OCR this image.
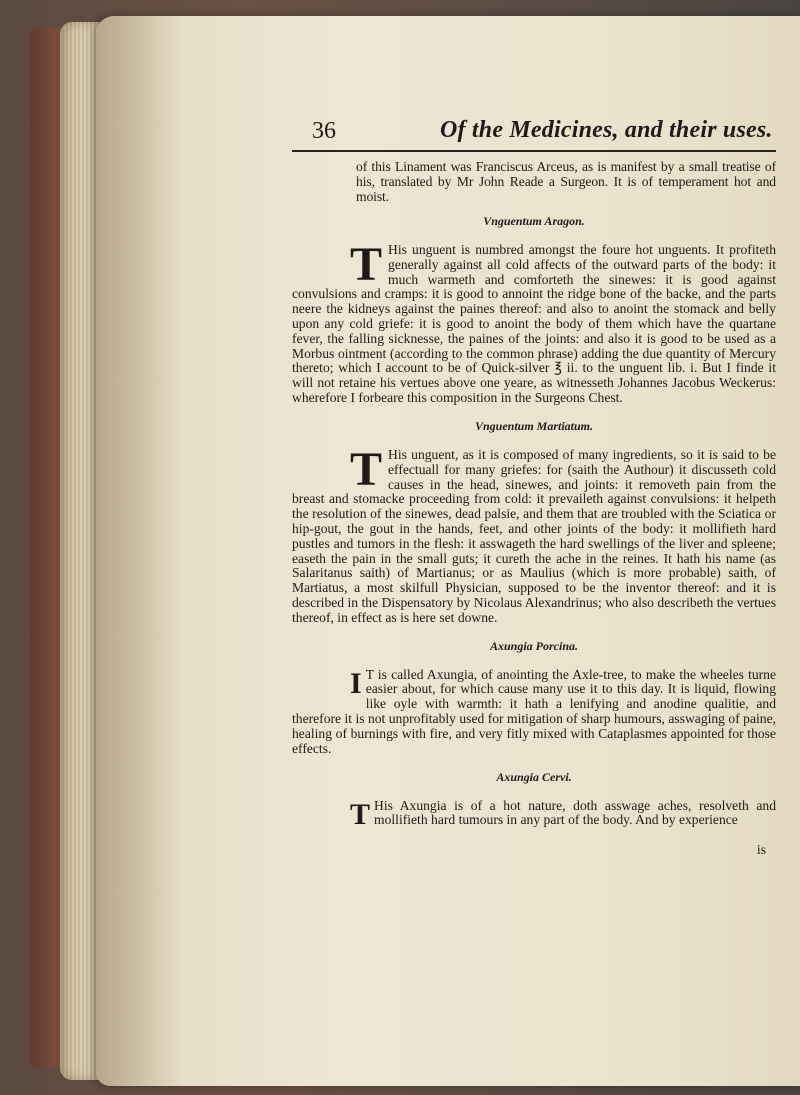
36	Of the Medicines, and their uses.

of this Linament was Franciscus Arceus, as is manifest by a small treatise of his, translated by Mr John Reade a Surgeon. It is of temperament hot and moist.

Vnguentum Aragon.
T His unguent is numbred amongst the foure hot unguents. It profiteth generally against all cold affects of the outward parts of the body: it much warmeth and comforteth the sinewes: it is good against convulsions and cramps: it is good to annoint the ridge bone of the backe, and the parts neere the kidneys against the paines thereof: and also to anoint the stomack and belly upon any cold griefe: it is good to anoint the body of them which have the quartane fever, the falling sicknesse, the paines of the joints: and also it is good to be used as a Morbus ointment (according to the common phrase) adding the due quantity of Mercury thereto; which I account to be of Quick-silver ℥ ii. to the unguent lib. i. But I finde it will not retaine his vertues above one yeare, as witnesseth Johannes Jacobus Weckerus: wherefore I forbeare this composition in the Surgeons Chest.

Vnguentum Martiatum.
T His unguent, as it is composed of many ingredients, so it is said to be effectuall for many griefes: for (saith the Authour) it discusseth cold causes in the head, sinewes, and joints: it removeth pain from the breast and stomacke proceeding from cold: it prevaileth against convulsions: it helpeth the resolution of the sinewes, dead palsie, and them that are troubled with the Sciatica or hip-gout, the gout in the hands, feet, and other joints of the body: it mollifieth hard pustles and tumors in the flesh: it asswageth the hard swellings of the liver and spleene; easeth the pain in the small guts; it cureth the ache in the reines. It hath his name (as Salaritanus saith) of Martianus; or as Maulius (which is more probable) saith, of Martiatus, a most skilfull Physician, supposed to be the inventor thereof: and it is described in the Dispensatory by Nicolaus Alexandrinus; who also describeth the vertues thereof, in effect as is here set downe.

Axungia Porcina.
I T is called Axungia, of anointing the Axle-tree, to make the wheeles turne easier about, for which cause many use it to this day. It is liquid, flowing like oyle with warmth: it hath a lenifying and anodine qualitie, and therefore it is not unprofitably used for mitigation of sharp humours, asswaging of paine, healing of burnings with fire, and very fitly mixed with Cataplasmes appointed for those effects.

Axungia Cervi.
T His Axungia is of a hot nature, doth asswage aches, resolveth and mollifieth hard tumours in any part of the body. And by experience

is
